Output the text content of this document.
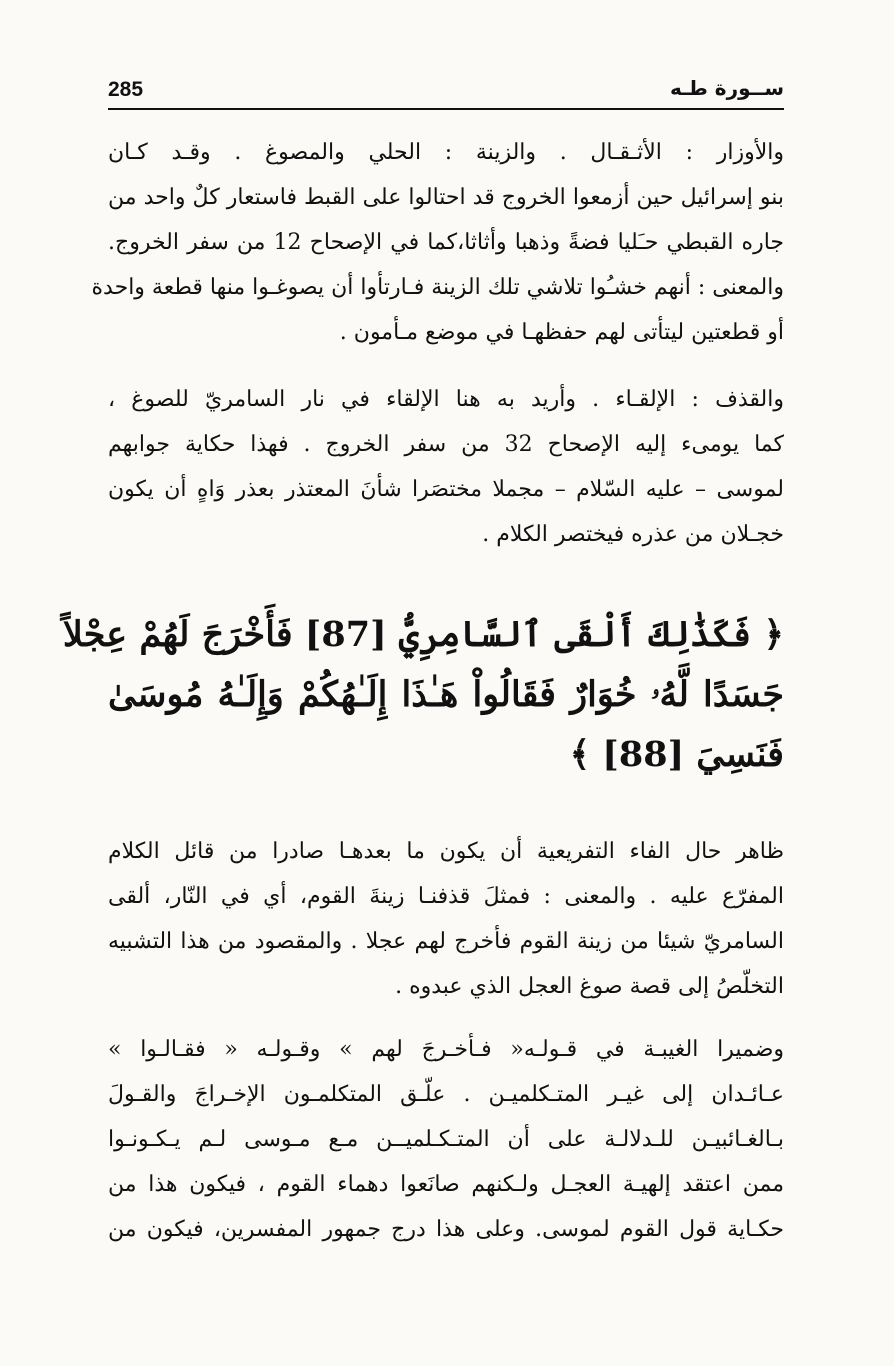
285	ســورة طـه
والأوزار : الأثـقـال . والزينة : الحلي والمصوغ . وقـد كـان
بنو إسرائيل حين أزمعوا الخروج قد احتالوا على القبط فاستعار كلٌ واحد من
جاره القبطي حـَليا فضةً وذهبا وأثاثا،كما في الإصحاح 12 من سفر الخروج.
والمعنى : أنهم خشـُوا تلاشي تلك الزينة فـارتأوا أن يصوغـوا منها قطعة واحدة
أو قطعتين ليتأتى لهم حفظهـا في موضع مـأمون .
والقذف : الإلقـاء . وأريد به هنا الإلقاء في نار السامريّ للصوغ ،
كما يومىء إليه الإصحاح 32 من سفر الخروج . فهذا حكاية جوابهم
لموسى – عليه السّلام – مجملا مختصَرا شأنَ المعتذر بعذر وَاهٍ أن يكون
خجـلان من عذره فيختصر الكلام .
﴿ فَكَذَٰلِكَ أَلْقَى ٱلسَّامِرِيُّ [87] فَأَخْرَجَ لَهُمْ عِجْلاً
جَسَدًا لَّهُۥ خُوَارٌ فَقَالُواْ هَـٰذَا إِلَـٰهُكُمْ وَإِلَـٰهُ مُوسَىٰ
فَنَسِيَ [88] ﴾
ظاهر حال الفاء التفريعية أن يكون ما بعدهـا صادرا من قائل الكلام
المفرّع عليه . والمعنى : فمثلَ قذفنـا زينةَ القوم، أي في النّار، ألقى
السامريّ شيئا من زينة القوم فأخرج لهم عجلا . والمقصود من هذا التشبيه
التخلّصُ إلى قصة صوغ العجل الذي عبدوه .
وضميرا الغيبـة في قـولـه« فـأخـرجَ لهم » وقـولـه « فقـالـوا »
عـائـدان إلى غيـر المتـكلميـن . علّـق المتكلمـون الإخـراجَ والقـولَ
بـالغـائبيـن للـدلالـة على أن المتـكـلميــن مـع مـوسى لـم يـكـونـوا
ممن اعتقد إلهيـة العجـل ولـكنهم صانَعوا دهماء القوم ، فيكون هذا من
حكـاية قول القوم لموسى. وعلى هذا درج جمهور المفسرين، فيكون من
